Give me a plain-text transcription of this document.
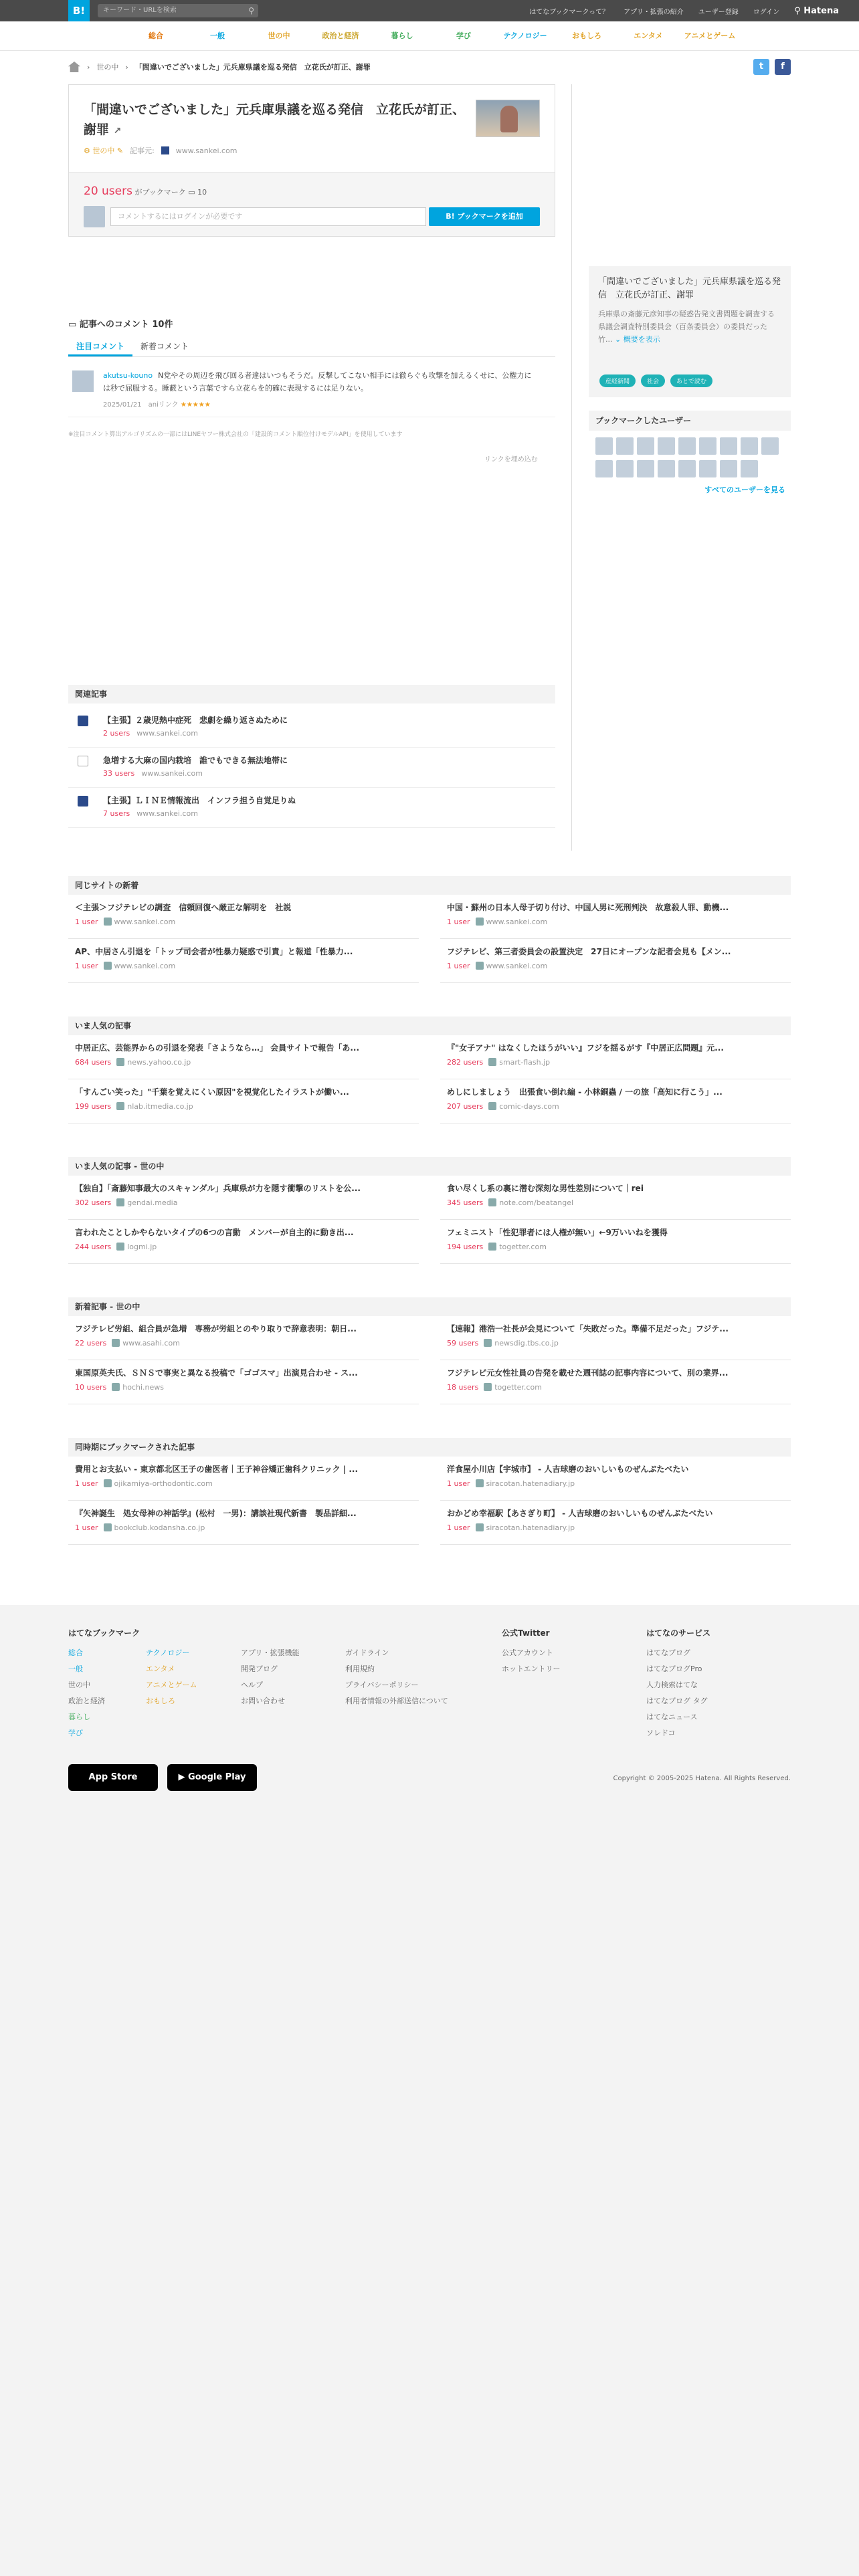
B!	キーワード・URLを検索	⚲	はてなブックマークって？ アプリ・拡張の紹介 ユーザー登録 ログイン ⚲ Hatena
総合	一般	世の中	政治と経済	暮らし	学び	テクノロジー	おもしろ	エンタメ	アニメとゲーム
› 世の中 › 「間違いでございました」元兵庫県議を巡る発信　立花氏が訂正、謝罪	t	f
「間違いでございました」元兵庫県議を巡る発信　立花氏が訂正、謝罪 ↗
⚙ 世の中 ✎ 記事元:	www.sankei.com
20 users がブックマーク ▭ 10
コメントするにはログインが必要です	B! ブックマークを追加
「間違いでございました」元兵庫県議を巡る発信　立花氏が訂正、謝罪
兵庫県の斎藤元彦知事の疑惑告発文書問題を調査する県議会調査特別委員会（百条委員会）の委員だった竹... ⌄ 概要を表示
産経新聞	社会	あとで読む
ブックマークしたユーザー
すべてのユーザーを見る
▭ 記事へのコメント 10件
注目コメント	新着コメント
akutsu-kouno N党やその周辺を飛び回る者達はいつもそうだ。反撃してこない相手には徹らぐも攻撃を加えるくせに、公権力には秒で屈服する。睡蔽という言葉ですら立花らを的確に表現するには足りない。
2025/01/21　 aniリンク ★★★★★
※注目コメント算出アルゴリズムの一部にはLINEヤフー株式会社の「建設的コメント順位付けモデルAPI」を使用しています
リンクを埋め込む
関連記事
【主張】２歳児熱中症死　悲劇を繰り返さぬために
2 users www.sankei.com
急増する大麻の国内栽培　誰でもできる無法地帯に
33 users www.sankei.com
【主張】ＬＩＮＥ情報流出　インフラ担う自覚足りぬ
7 users www.sankei.com
同じサイトの新着
＜主張＞フジテレビの調査　信頼回復へ厳正な解明を　社説
1 user www.sankei.com
中国・蘇州の日本人母子切り付け、中国人男に死刑判決　故意殺人罪、動機...
1 user www.sankei.com
AP、中居さん引退を「トップ司会者が性暴力疑惑で引責」と報道「性暴力...
1 user www.sankei.com
フジテレビ、第三者委員会の設置決定　27日にオープンな記者会見も【メン...
1 user www.sankei.com
いま人気の記事
中居正広、芸能界からの引退を発表「さようなら…」 会員サイトで報告「あ...
684 users news.yahoo.co.jp
『"女子アナ" はなくしたほうがいい』フジを揺るがす『中居正広問題』元...
282 users smart-flash.jp
「すんごい笑った」"千葉を覚えにくい原因"を視覚化したイラストが働い...
199 users nlab.itmedia.co.jp
めしにしましょう　出張食い倒れ編 - 小林銅蟲 / 一の旅「高知に行こう」...
207 users comic-days.com
いま人気の記事 - 世の中
【独自】「斎藤知事最大のスキャンダル」兵庫県が力を隠す衝撃のリストを公...
302 users gendai.media
食い尽くし系の裏に潜む深刻な男性差別について｜rei
345 users note.com/beatangel
言われたことしかやらないタイプの6つの言動　メンバーが自主的に動き出...
244 users logmi.jp
フェミニスト「性犯罪者には人権が無い」←9万いいねを獲得
194 users togetter.com
新着記事 - 世の中
フジテレビ労組、組合員が急増　専務が労組とのやり取りで辞意表明：朝日...
22 users www.asahi.com
【速報】港浩一社長が会見について「失敗だった。準備不足だった」フジテ...
59 users newsdig.tbs.co.jp
東国原英夫氏、ＳＮＳで事実と異なる投稿で「ゴゴスマ」出演見合わせ - ス...
10 users hochi.news
フジテレビ元女性社員の告発を載せた週刊誌の記事内容について、別の業界...
18 users togetter.com
同時期にブックマークされた記事
費用とお支払い - 東京都北区王子の歯医者｜王子神谷矯正歯科クリニック | ...
1 user ojikamiya-orthodontic.com
洋食屋小川店【宇城市】 - 人吉球磨のおいしいものぜんぶたべたい
1 user siracotan.hatenadiary.jp
『矢神誕生　処女母神の神話学』(松村　一男)：講談社現代新書　製品詳細...
1 user bookclub.kodansha.co.jp
おかどめ幸福駅【あさぎり町】 - 人吉球磨のおいしいものぜんぶたべたい
1 user siracotan.hatenadiary.jp
はてなブックマーク
総合
一般
世の中
政治と経済
暮らし
学び
テクノロジー
エンタメ
アニメとゲーム
おもしろ
アプリ・拡張機能
開発ブログ
ヘルプ
お問い合わせ
ガイドライン
利用規約
プライバシーポリシー
利用者情報の外部送信について
公式Twitter
公式アカウント
ホットエントリー
はてなのサービス
はてなブログ
はてなブログPro
人力検索はてな
はてなブログ タグ
はてなニュース
ソレドコ
App Store	▶ Google Play	Copyright © 2005-2025 Hatena. All Rights Reserved.
